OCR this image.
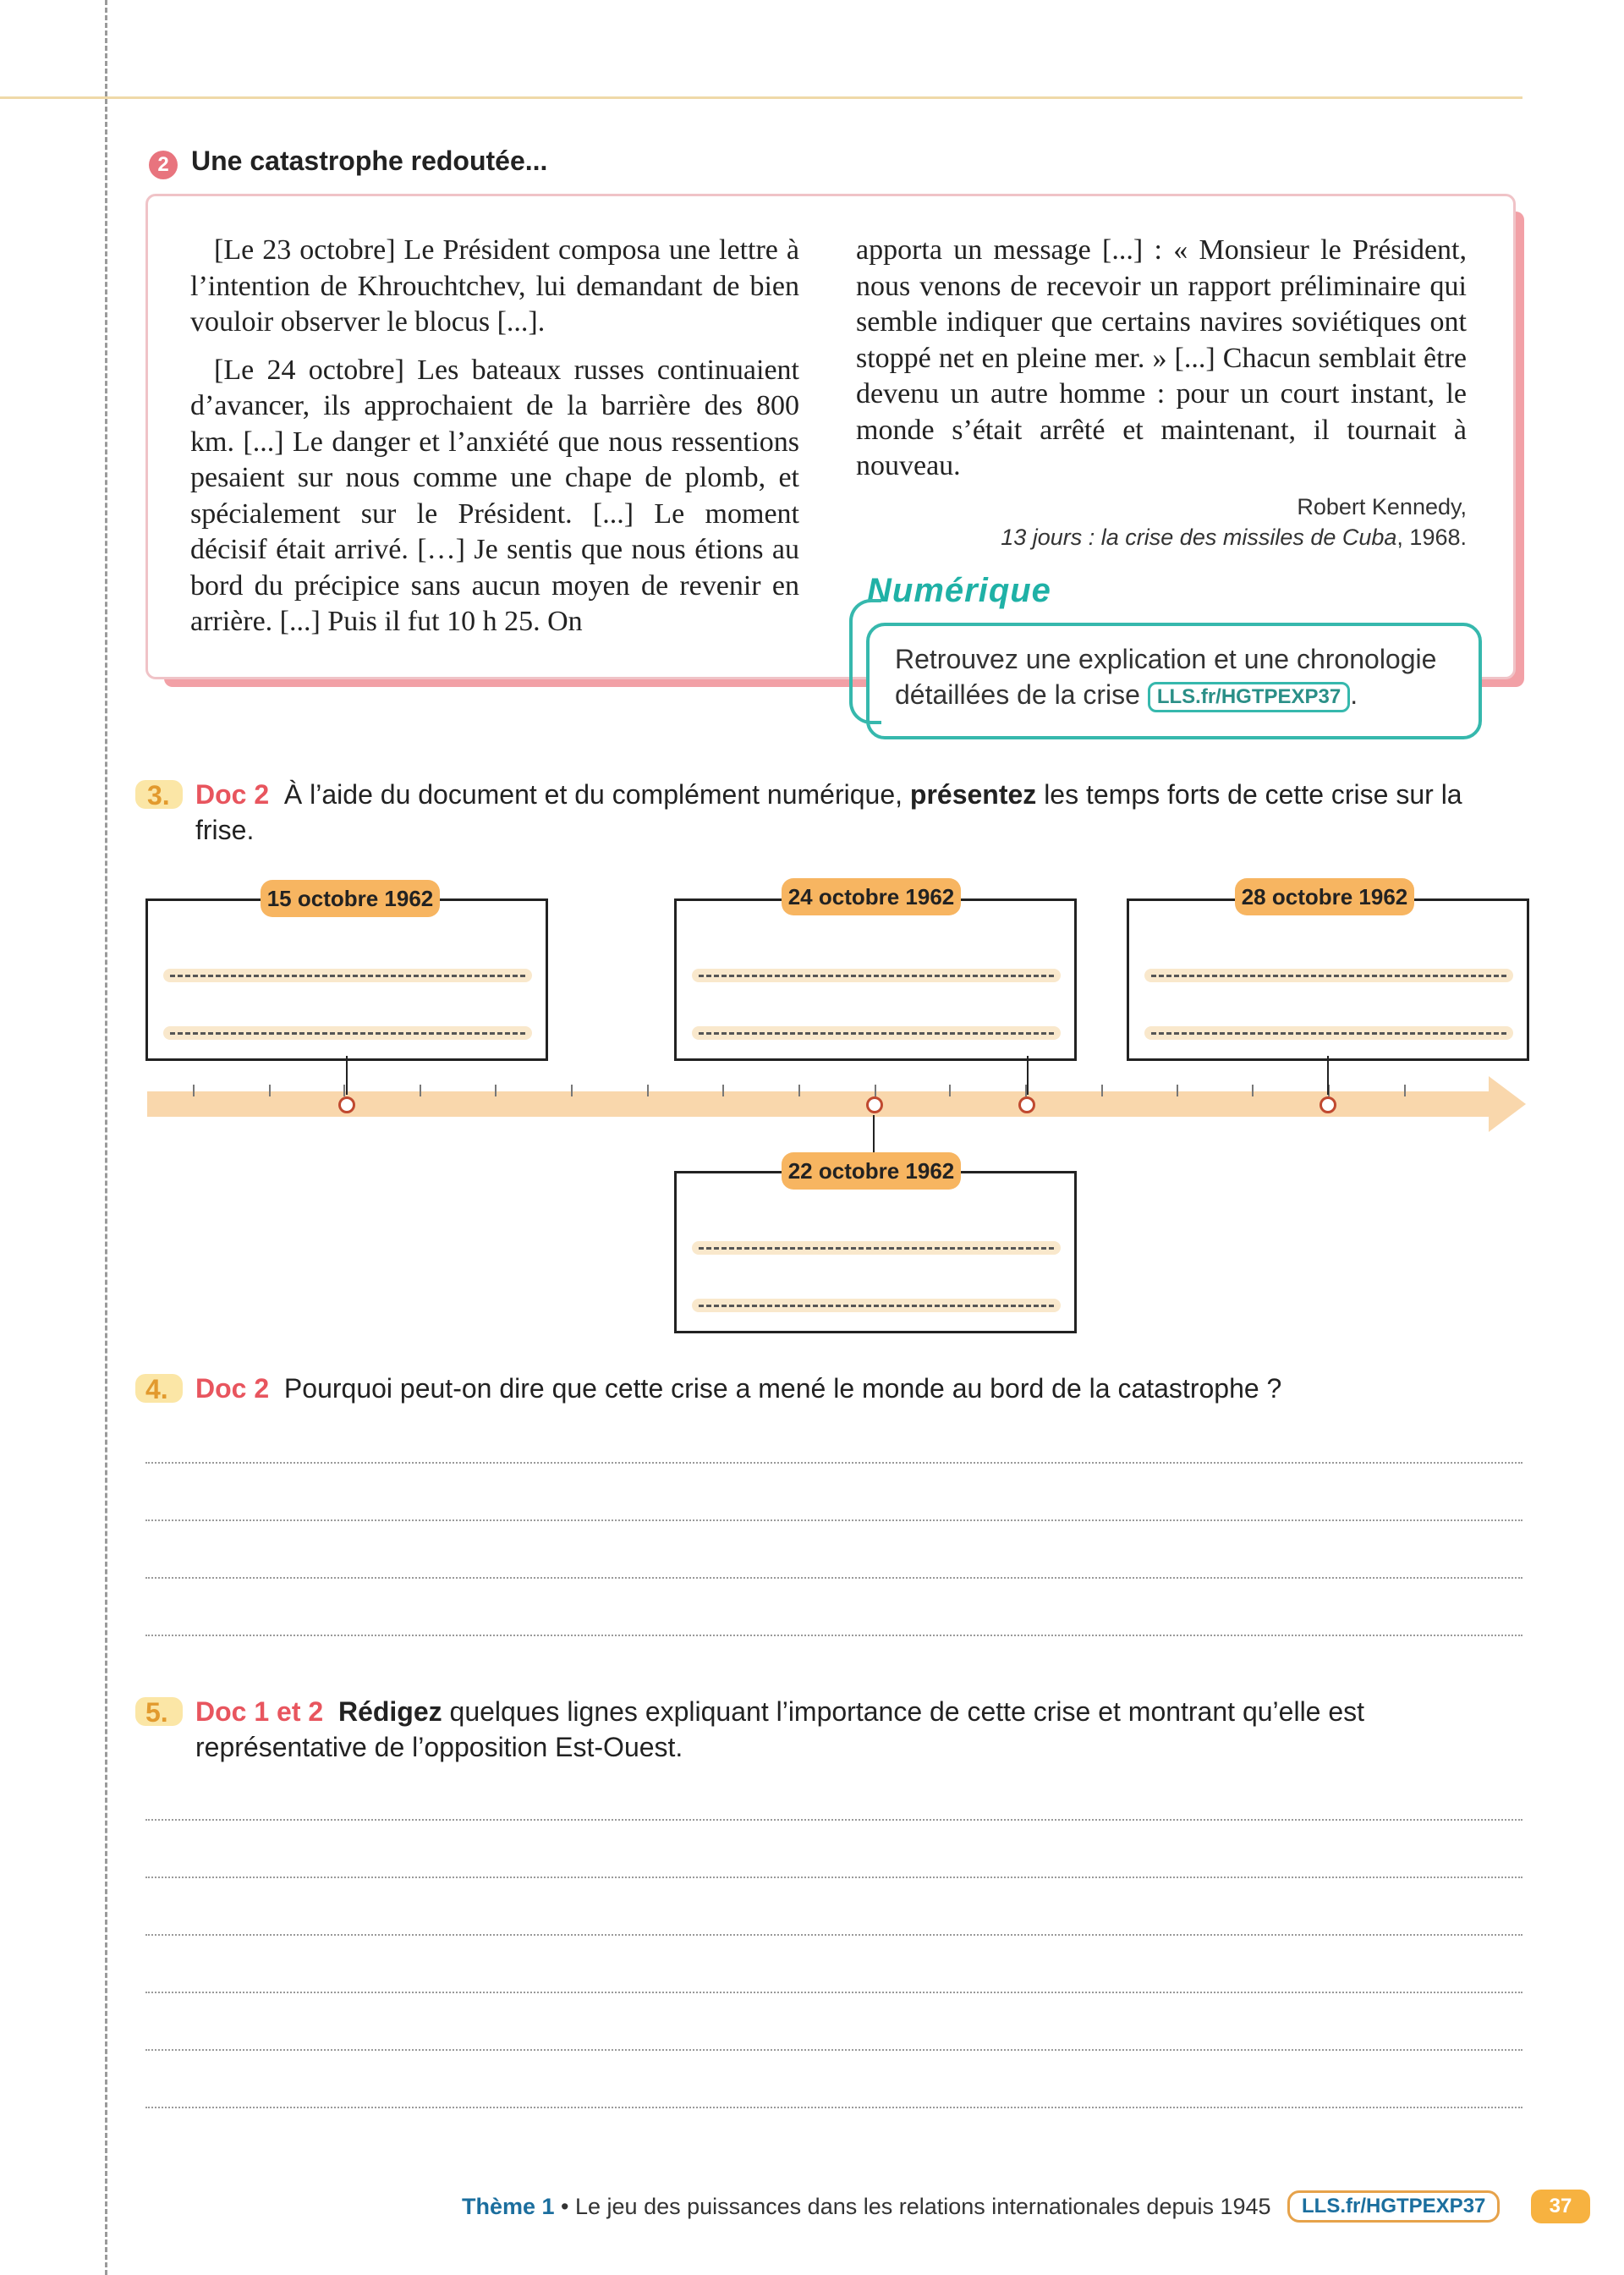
2 Une catastrophe redoutée...

[Le 23 octobre] Le Président composa une lettre à l’intention de Khrouchtchev, lui demandant de bien vouloir observer le blocus [...].

[Le 24 octobre] Les bateaux russes continuaient d’avancer, ils approchaient de la barrière des 800 km. [...] Le danger et l’anxiété que nous ressentions pesaient sur nous comme une chape de plomb, et spécialement sur le Président. [...] Le moment décisif était arrivé. […] Je sentis que nous étions au bord du précipice sans aucun moyen de revenir en arrière. [...] Puis il fut 10 h 25. On

apporta un message [...] : « Monsieur le Président, nous venons de recevoir un rapport préliminaire qui semble indiquer que certains navires soviétiques ont stoppé net en pleine mer. » [...] Chacun semblait être devenu un autre homme : pour un court instant, le monde s’était arrêté et maintenant, il tournait à nouveau.

Robert Kennedy,
13 jours : la crise des missiles de Cuba, 1968.
Numérique
Retrouvez une explication et une chronologie détaillées de la crise LLS.fr/HGTPEXP37 .
3. Doc 2 À l’aide du document et du complément numérique, présentez les temps forts de cette crise sur la frise.
15 octobre 1962	24 octobre 1962	28 octobre 1962
22 octobre 1962
4. Doc 2 Pourquoi peut-on dire que cette crise a mené le monde au bord de la catastrophe ?
5. Doc 1 et 2 Rédigez quelques lignes expliquant l’importance de cette crise et montrant qu’elle est représentative de l’opposition Est-Ouest.
Thème 1 • Le jeu des puissances dans les relations internationales depuis 1945	LLS.fr/HGTPEXP37	37
